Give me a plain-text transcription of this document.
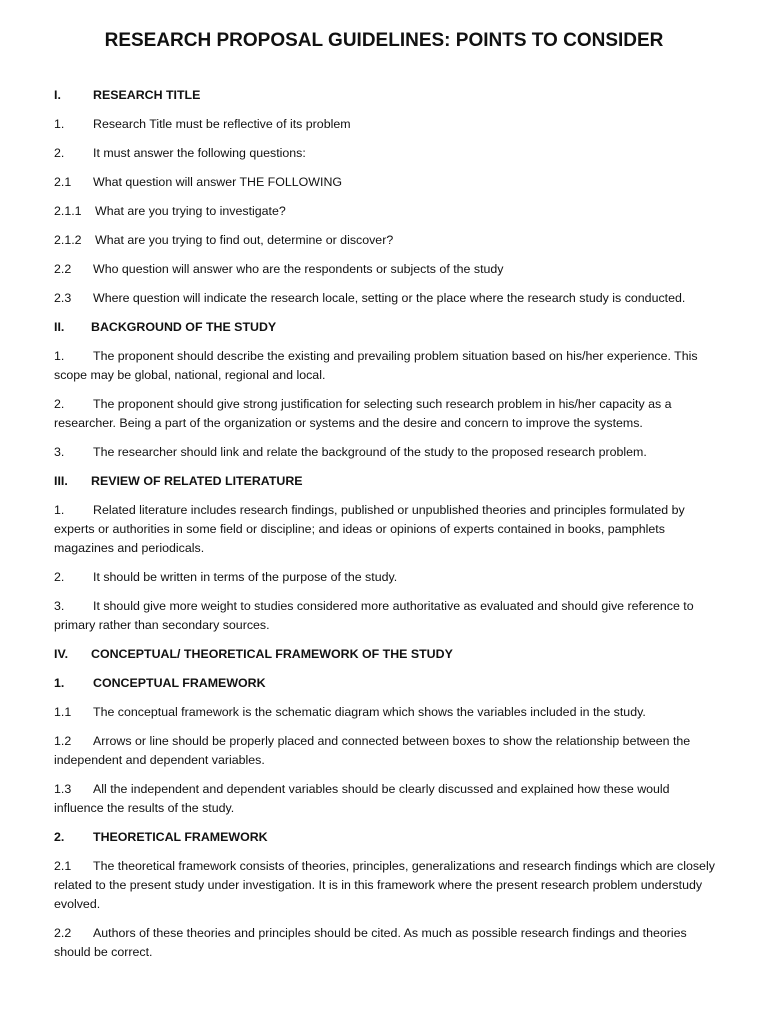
RESEARCH PROPOSAL GUIDELINES: POINTS TO CONSIDER
I.	RESEARCH TITLE
1. Research Title must be reflective of its problem
2. It must answer the following questions:
2.1 What question will answer THE FOLLOWING
2.1.1 What are you trying to investigate?
2.1.2 What are you trying to find out, determine or discover?
2.2 Who question will answer who are the respondents or subjects of the study
2.3 Where question will indicate the research locale, setting or the place where the research study is conducted.
II. BACKGROUND OF THE STUDY
1. The proponent should describe the existing and prevailing problem situation based on his/her experience. This scope may be global, national, regional and local.
2. The proponent should give strong justification for selecting such research problem in his/her capacity as a researcher. Being a part of the organization or systems and the desire and concern to improve the systems.
3. The researcher should link and relate the background of the study to the proposed research problem.
III. REVIEW OF RELATED LITERATURE
1. Related literature includes research findings, published or unpublished theories and principles formulated by experts or authorities in some field or discipline; and ideas or opinions of experts contained in books, pamphlets magazines and periodicals.
2. It should be written in terms of the purpose of the study.
3. It should give more weight to studies considered more authoritative as evaluated and should give reference to primary rather than secondary sources.
IV. CONCEPTUAL/ THEORETICAL FRAMEWORK OF THE STUDY
1. CONCEPTUAL FRAMEWORK
1.1 The conceptual framework is the schematic diagram which shows the variables included in the study.
1.2 Arrows or line should be properly placed and connected between boxes to show the relationship between the independent and dependent variables.
1.3 All the independent and dependent variables should be clearly discussed and explained how these would influence the results of the study.
2. THEORETICAL FRAMEWORK
2.1 The theoretical framework consists of theories, principles, generalizations and research findings which are closely related to the present study under investigation. It is in this framework where the present research problem understudy evolved.
2.2 Authors of these theories and principles should be cited. As much as possible research findings and theories should be correct.
